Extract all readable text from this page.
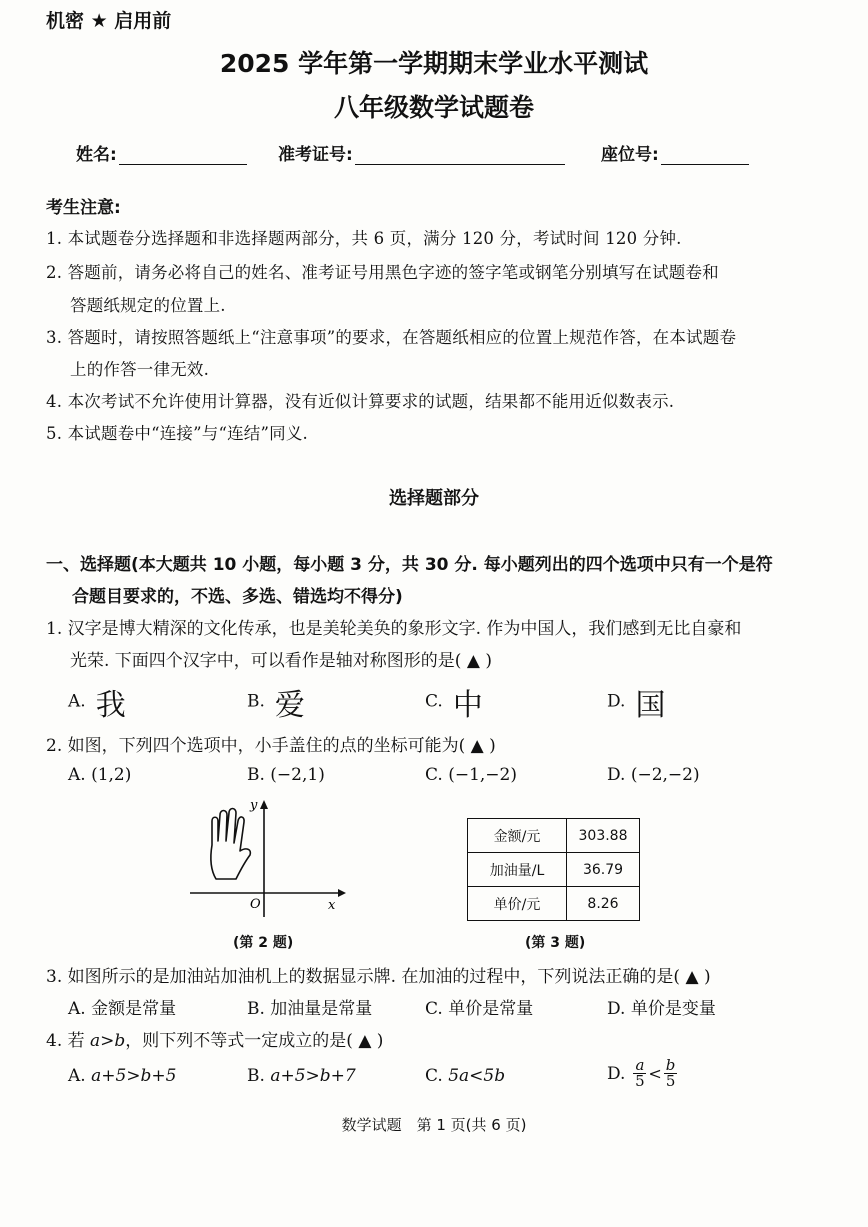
机密 ★ 启用前
2025 学年第一学期期末学业水平测试
八年级数学试题卷
姓名:	准考证号:	座位号:
考生注意:
1. 本试题卷分选择题和非选择题两部分，共 6 页，满分 120 分，考试时间 120 分钟.
2. 答题前，请务必将自己的姓名、准考证号用黑色字迹的签字笔或钢笔分别填写在试题卷和
答题纸规定的位置上.
3. 答题时，请按照答题纸上“注意事项”的要求，在答题纸相应的位置上规范作答，在本试题卷
上的作答一律无效.
4. 本次考试不允许使用计算器，没有近似计算要求的试题，结果都不能用近似数表示.
5. 本试题卷中“连接”与“连结”同义.
选择题部分
一、选择题(本大题共 10 小题，每小题 3 分，共 30 分. 每小题列出的四个选项中只有一个是符
合题目要求的，不选、多选、错选均不得分)
1. 汉字是博大精深的文化传承，也是美轮美奂的象形文字. 作为中国人，我们感到无比自豪和
光荣. 下面四个汉字中，可以看作是轴对称图形的是( ▲ )
A. 我	B. 爱	C. 中	D. 国
2. 如图，下列四个选项中，小手盖住的点的坐标可能为( ▲ )
A. (1,2)	B. (−2,1)	C. (−1,−2)	D. (−2,−2)
y
x
O
(第 2 题)
金额/元	303.88
加油量/L	36.79
单价/元	8.26
(第 3 题)
3. 如图所示的是加油站加油机上的数据显示牌. 在加油的过程中，下列说法正确的是( ▲ )
A. 金额是常量	B. 加油量是常量	C. 单价是常量	D. 单价是变量
4. 若 a>b，则下列不等式一定成立的是( ▲ )
A. a+5>b+5	B. a+5>b+7	C. 5a<5b	D. $\frac{a}{5} < \frac{b}{5}$
数学试题　第 1 页(共 6 页)
